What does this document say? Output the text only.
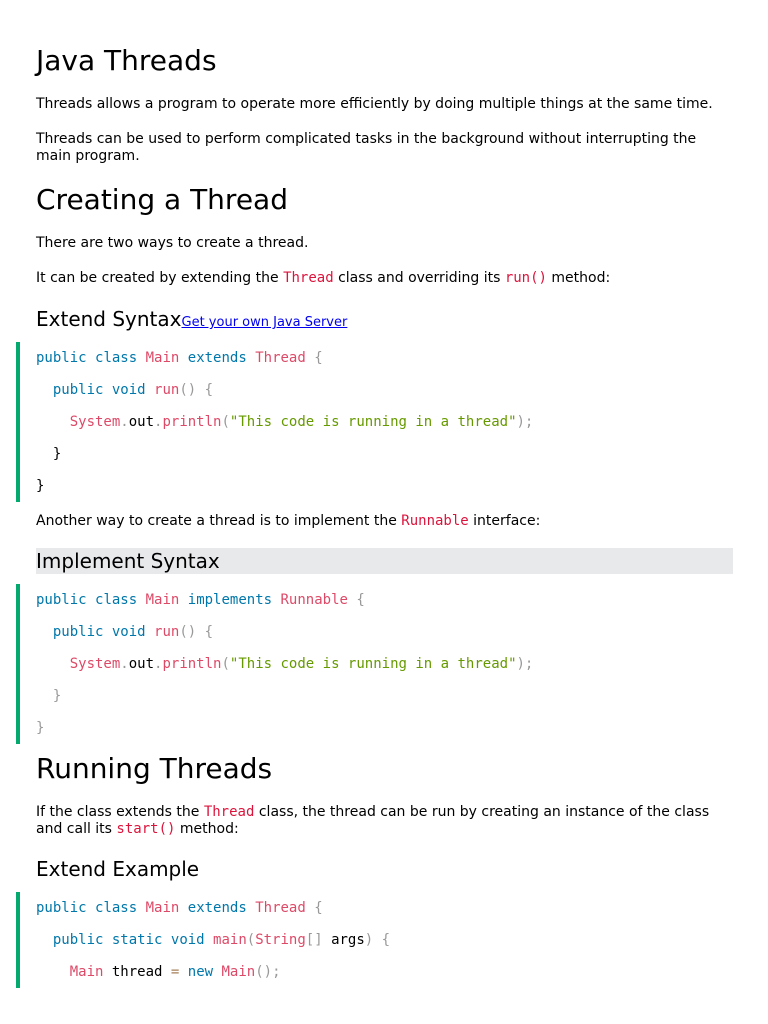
Java Threads

Threads allows a program to operate more efficiently by doing multiple things at the same time.

Threads can be used to perform complicated tasks in the background without interrupting the main program.

Creating a Thread

There are two ways to create a thread.

It can be created by extending the Thread class and overriding its run() method:

Extend SyntaxGet your own Java Server
public class Main extends Thread {
public void run() {
System.out.println("This code is running in a thread");
}
}

Another way to create a thread is to implement the Runnable interface:

Implement Syntax
public class Main implements Runnable {
public void run() {
System.out.println("This code is running in a thread");
}
}
Running Threads

If the class extends the Thread class, the thread can be run by creating an instance of the class and call its start() method:

Extend Example
public class Main extends Thread {
public static void main(String[] args) {
Main thread = new Main();
